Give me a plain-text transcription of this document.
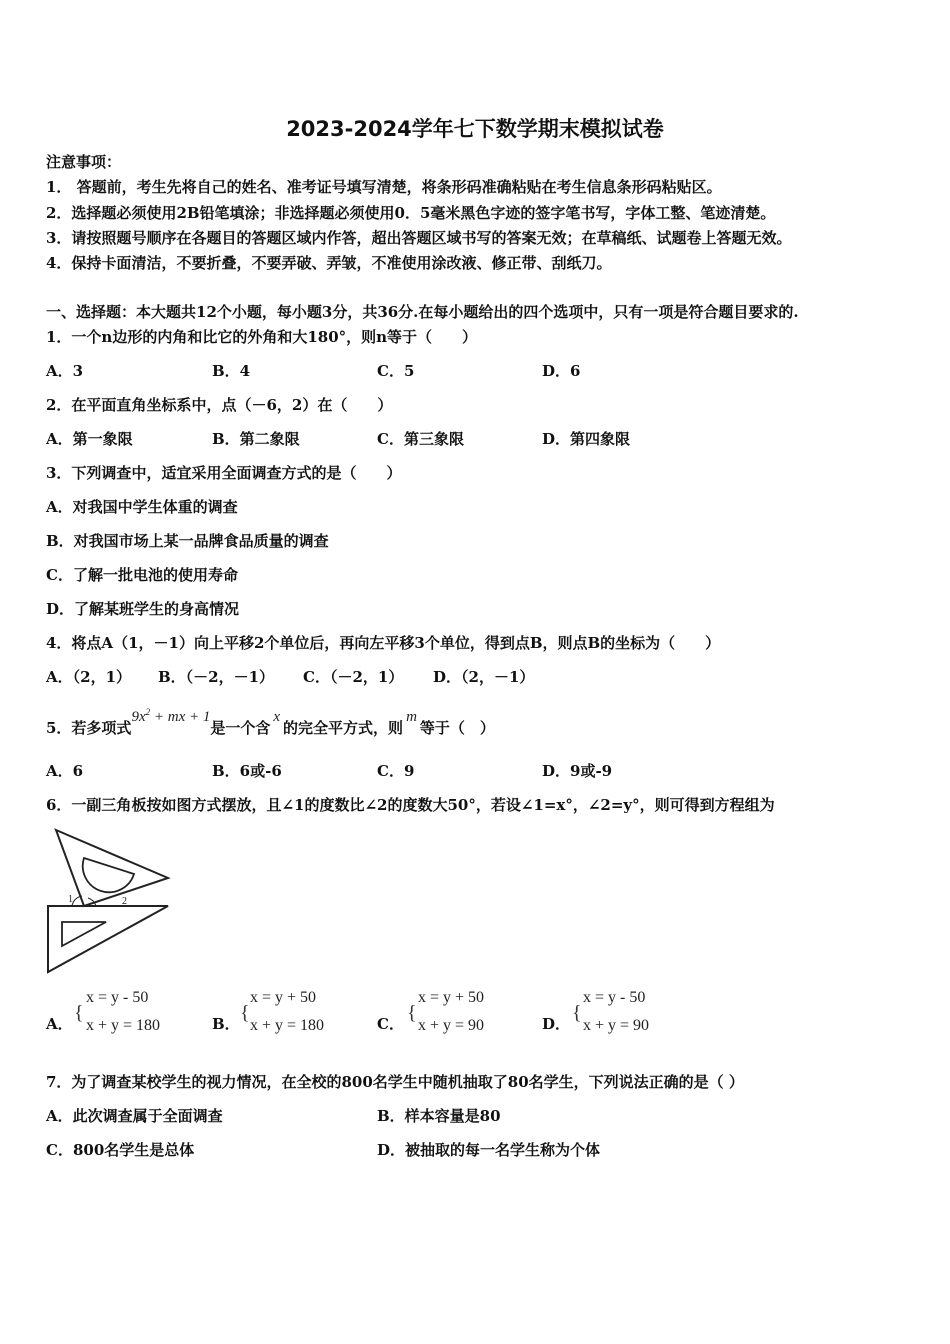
2023-2024学年七下数学期末模拟试卷
注意事项：
1． 答题前，考生先将自己的姓名、准考证号填写清楚，将条形码准确粘贴在考生信息条形码粘贴区。
2．选择题必须使用2B铅笔填涂；非选择题必须使用0．5毫米黑色字迹的签字笔书写，字体工整、笔迹清楚。
3．请按照题号顺序在各题目的答题区域内作答，超出答题区域书写的答案无效；在草稿纸、试题卷上答题无效。
4．保持卡面清洁，不要折叠，不要弄破、弄皱，不准使用涂改液、修正带、刮纸刀。
一、选择题：本大题共12个小题，每小题3分，共36分.在每小题给出的四个选项中，只有一项是符合题目要求的.
1．一个n边形的内角和比它的外角和大180°，则n等于（　　）
A．3	B．4	C．5	D．6
2．在平面直角坐标系中，点（－6，2）在（　　）
A．第一象限	B．第二象限	C．第三象限	D．第四象限
3．下列调查中，适宜采用全面调查方式的是（　　）
A．对我国中学生体重的调查
B．对我国市场上某一品牌食品质量的调查
C．了解一批电池的使用寿命
D．了解某班学生的身高情况
4．将点A（1，－1）向上平移2个单位后，再向左平移3个单位，得到点B，则点B的坐标为（　　）
A．（2，1） B．（－2，－1） C．（－2，1） D．（2，－1）
5．若多项式$9x^2$ + mx + 1是一个含x的完全平方式，则m等于（　）
A．6	B．6或-6	C．9	D．9或-9
6．一副三角板按如图方式摆放，且∠1的度数比∠2的度数大50°，若设∠1=x°，∠2=y°，则可得到方程组为
1	2
A． {
x = y - 50
x + y = 180	B． {
x = y + 50
x + y = 180	C． {
x = y + 50
x + y = 90	D． {
x = y - 50
x + y = 90
7．为了调查某校学生的视力情况，在全校的800名学生中随机抽取了80名学生，下列说法正确的是（ ）
A．此次调查属于全面调查	B．样本容量是80
C．800名学生是总体	D．被抽取的每一名学生称为个体
